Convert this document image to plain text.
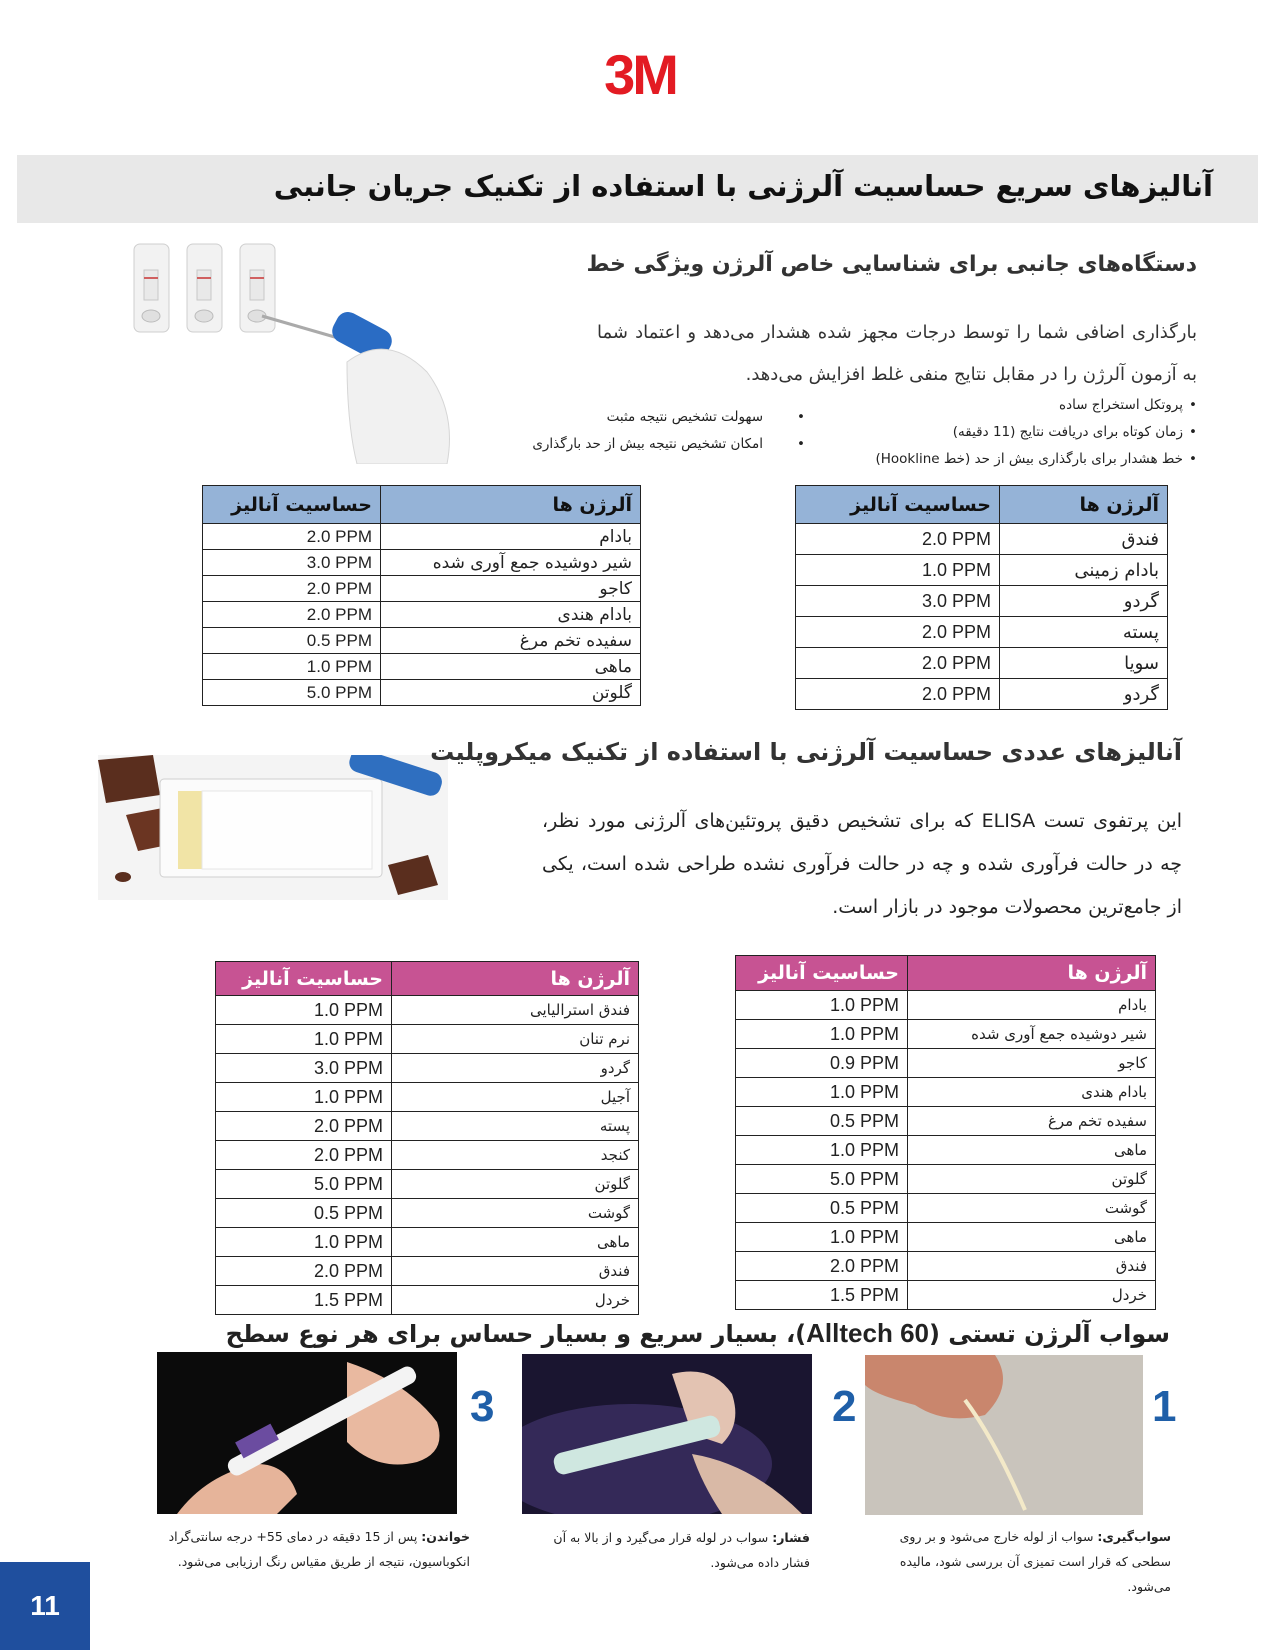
3M
آنالیزهای سریع حساسیت آلرژنی با استفاده از تکنیک جریان جانبی
دستگاه‌های جانبی برای شناسایی خاص آلرژن ویژگی خط
بارگذاری اضافی شما را توسط درجات مجهز شده هشدار می‌دهد و اعتماد شما به آزمون آلرژن را در مقابل نتایج منفی غلط افزایش می‌دهد.
•پروتکل استخراج ساده
•زمان کوتاه برای دریافت نتایج (11 دقیقه)
•خط هشدار برای بارگذاری بیش از حد (خط Hookline)
•سهولت تشخیص نتیجه مثبت
•امکان تشخیص نتیجه بیش از حد بارگذاری
آلرژن ها	حساسیت آنالیز
فندق	2.0 PPM
بادام زمینی	1.0 PPM
گردو	3.0 PPM
پسته	2.0 PPM
سویا	2.0 PPM
گردو	2.0 PPM
آلرژن ها	حساسیت آنالیز
بادام	2.0 PPM
شیر دوشیده جمع آوری شده	3.0 PPM
کاجو	2.0 PPM
بادام هندی	2.0 PPM
سفیده تخم مرغ	0.5 PPM
ماهی	1.0 PPM
گلوتن	5.0 PPM
آنالیزهای عددی حساسیت آلرژنی با استفاده از تکنیک میکروپلیت
این پرتفوی تست ELISA که برای تشخیص دقیق پروتئین‌های آلرژنی مورد نظر، چه در حالت فرآوری شده و چه در حالت فرآوری نشده طراحی شده است، یکی از جامع‌ترین محصولات موجود در بازار است.
آلرژن ها	حساسیت آنالیز
بادام	1.0 PPM
شیر دوشیده جمع آوری شده	1.0 PPM
کاجو	0.9 PPM
بادام هندی	1.0 PPM
سفیده تخم مرغ	0.5 PPM
ماهی	1.0 PPM
گلوتن	5.0 PPM
گوشت	0.5 PPM
ماهی	1.0 PPM
فندق	2.0 PPM
خردل	1.5 PPM
آلرژن ها	حساسیت آنالیز
فندق استرالیایی	1.0 PPM
نرم تنان	1.0 PPM
گردو	3.0 PPM
آجیل	1.0 PPM
پسته	2.0 PPM
کنجد	2.0 PPM
گلوتن	5.0 PPM
گوشت	0.5 PPM
ماهی	1.0 PPM
فندق	2.0 PPM
خردل	1.5 PPM
سواب آلرژن تستی (Alltech 60)، بسیار سریع و بسیار حساس برای هر نوع سطح
3	2	1
سواب‌گیری: سواب از لوله خارج می‌شود و بر روی سطحی که قرار است تمیزی آن بررسی شود، مالیده می‌شود.
فشار: سواب در لوله قرار می‌گیرد و از بالا به آن فشار داده می‌شود.
خواندن: پس از 15 دقیقه در دمای 55+ درجه سانتی‌گراد انکوباسیون، نتیجه از طریق مقیاس رنگ ارزیابی می‌شود.
11
